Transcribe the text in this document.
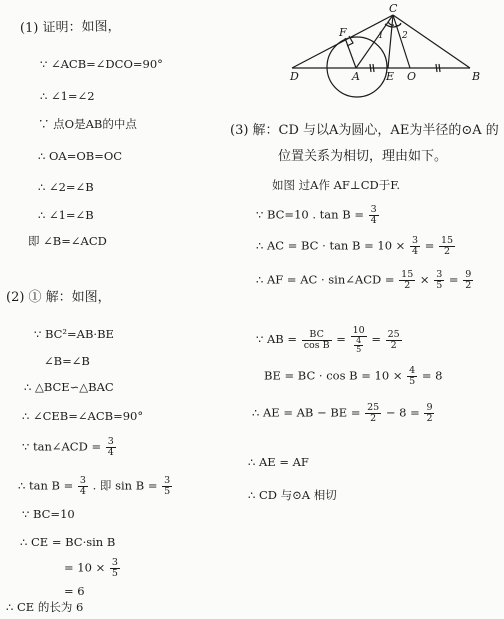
C
F	1 2
D	A E O	B
(1) 证明：如图，
∵ ∠ACB=∠DCO=90°
∴ ∠1=∠2
∵ 点O是AB的中点
∴ OA=OB=OC
∴ ∠2=∠B
∴ ∠1=∠B
即 ∠B=∠ACD
(2) ① 解：如图，
∵ BC²=AB·BE
∠B=∠B
∴ △BCE∽△BAC
∴ ∠CEB=∠ACB=90°
∵ tan∠ACD = $\frac{3}{4}$
∴ $\tan B = \frac{3}{4}$ . 即 $\sin B = \frac{3}{5}$
∵ BC=10
∴ CE = BC·sin B
= $10 \times \frac{3}{5}$
= 6
∴ CE 的长为 6
(3) 解：CD 与以A为圆心，AE为半径的⊙A 的
位置关系为相切，理由如下。
如图 过A作 AF⊥CD于F.
∵ BC=10 . $\tan B = \frac{3}{4}$
∴ AC = BC · $\tan B = 10 \times \frac{3}{4} = \frac{15}{2}$
∴ AF = AC · sin∠ACD = $\frac{15}{2} \times \frac{3}{5} = \frac{9}{2}$
∵ AB = $\frac{BC}{\text{cos B}} = \frac{10}{\frac{4}{5}} = \frac{25}{2}$
BE = BC · $\cos B = 10 \times \frac{4}{5} = 8$
∴ AE = AB − BE = $\frac{25}{2} - 8 = \frac{9}{2}$
∴ AE = AF
∴ CD 与⊙A 相切
